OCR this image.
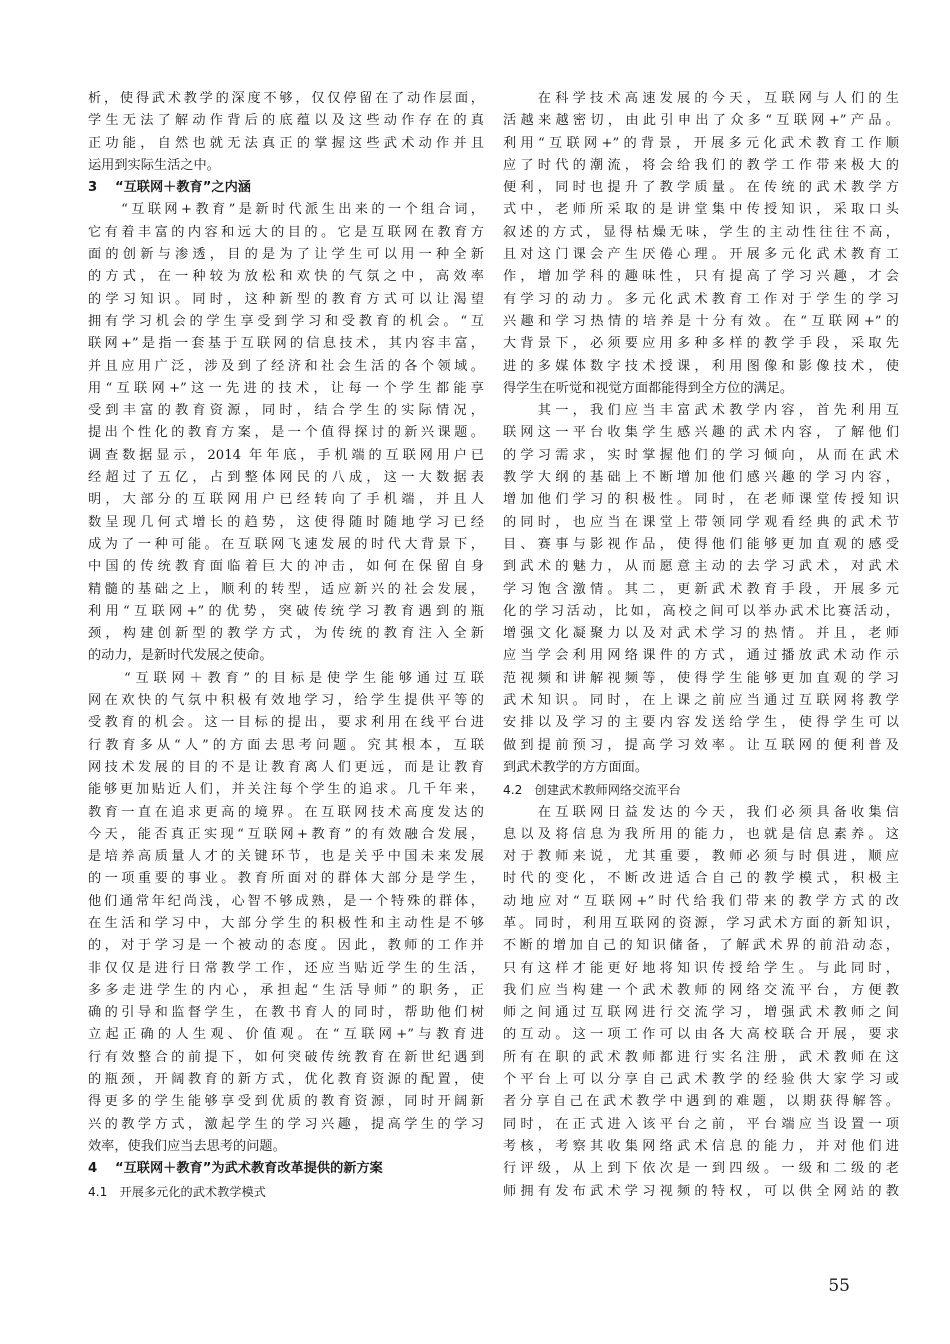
析，使得武术教学的深度不够，仅仅停留在了动作层面，
学生无法了解动作背后的底蕴以及这些动作存在的真
正功能，自然也就无法真正的掌握这些武术动作并且
运用到实际生活之中。
3　 “互联网＋教育”之内涵
　　“互联网+教育”是新时代派生出来的一个组合词，
它有着丰富的内容和远大的目的。它是互联网在教育方
面的创新与渗透，目的是为了让学生可以用一种全新
的方式，在一种较为放松和欢快的气氛之中，高效率
的学习知识。同时，这种新型的教育方式可以让渴望
拥有学习机会的学生享受到学习和受教育的机会。“互
联网+”是指一套基于互联网的信息技术，其内容丰富，
并且应用广泛，涉及到了经济和社会生活的各个领域。
用“互联网+”这一先进的技术，让每一个学生都能享
受到丰富的教育资源，同时，结合学生的实际情况，
提出个性化的教育方案，是一个值得探讨的新兴课题。
调查数据显示，2014 年年底，手机端的互联网用户已
经超过了五亿，占到整体网民的八成，这一大数据表
明，大部分的互联网用户已经转向了手机端，并且人
数呈现几何式增长的趋势，这使得随时随地学习已经
成为了一种可能。在互联网飞速发展的时代大背景下，
中国的传统教育面临着巨大的冲击，如何在保留自身
精髓的基础之上，顺利的转型，适应新兴的社会发展，
利用“互联网+”的优势，突破传统学习教育遇到的瓶
颈，构建创新型的教学方式，为传统的教育注入全新
的动力，是新时代发展之使命。
　　“互联网＋教育”的目标是使学生能够通过互联
网在欢快的气氛中积极有效地学习，给学生提供平等的
受教育的机会。这一目标的提出，要求利用在线平台进
行教育多从“人”的方面去思考问题。究其根本，互联
网技术发展的目的不是让教育离人们更远，而是让教育
能够更加贴近人们，并关注每个学生的追求。几千年来，
教育一直在追求更高的境界。在互联网技术高度发达的
今天，能否真正实现“互联网+教育”的有效融合发展，
是培养高质量人才的关键环节，也是关乎中国未来发展
的一项重要的事业。教育所面对的群体大部分是学生，
他们通常年纪尚浅，心智不够成熟，是一个特殊的群体，
在生活和学习中，大部分学生的积极性和主动性是不够
的，对于学习是一个被动的态度。因此，教师的工作并
非仅仅是进行日常教学工作，还应当贴近学生的生活，
多多走进学生的内心，承担起“生活导师”的职务，正
确的引导和监督学生，在教书育人的同时，帮助他们树
立起正确的人生观、价值观。在“互联网+”与教育进
行有效整合的前提下，如何突破传统教育在新世纪遇到
的瓶颈，开阔教育的新方式，优化教育资源的配置，使
得更多的学生能够享受到优质的教育资源，同时开阔新
兴的教学方式，激起学生的学习兴趣，提高学生的学习
效率，使我们应当去思考的问题。
4　 “互联网＋教育”为武术教育改革提供的新方案
4.1　开展多元化的武术教学模式
　　在科学技术高速发展的今天，互联网与人们的生
活越来越密切，由此引申出了众多“互联网+”产品。
利用“互联网+”的背景，开展多元化武术教育工作顺
应了时代的潮流，将会给我们的教学工作带来极大的
便利，同时也提升了教学质量。在传统的武术教学方
式中，老师所采取的是讲堂集中传授知识，采取口头
叙述的方式，显得枯燥无味，学生的主动性往往不高，
且对这门课会产生厌倦心理。开展多元化武术教育工
作，增加学科的趣味性，只有提高了学习兴趣，才会
有学习的动力。多元化武术教育工作对于学生的学习
兴趣和学习热情的培养是十分有效。在“互联网+”的
大背景下，必须要应用多种多样的教学手段，采取先
进的多媒体数字技术授课，利用图像和影像技术，使
得学生在听觉和视觉方面都能得到全方位的满足。
　　其一，我们应当丰富武术教学内容，首先利用互
联网这一平台收集学生感兴趣的武术内容，了解他们
的学习需求，实时掌握他们的学习倾向，从而在武术
教学大纲的基础上不断增加他们感兴趣的学习内容，
增加他们学习的积极性。同时，在老师课堂传授知识
的同时，也应当在课堂上带领同学观看经典的武术节
目、赛事与影视作品，使得他们能够更加直观的感受
到武术的魅力，从而愿意主动的去学习武术，对武术
学习饱含激情。其二，更新武术教育手段，开展多元
化的学习活动，比如，高校之间可以举办武术比赛活动，
增强文化凝聚力以及对武术学习的热情。并且，老师
应当学会利用网络课件的方式，通过播放武术动作示
范视频和讲解视频等，使得学生能够更加直观的学习
武术知识。同时，在上课之前应当通过互联网将教学
安排以及学习的主要内容发送给学生，使得学生可以
做到提前预习，提高学习效率。让互联网的便利普及
到武术教学的方方面面。
4.2　创建武术教师网络交流平台
　　在互联网日益发达的今天，我们必须具备收集信
息以及将信息为我所用的能力，也就是信息素养。这
对于教师来说，尤其重要，教师必须与时俱进，顺应
时代的变化，不断改进适合自己的教学模式，积极主
动地应对“互联网+”时代给我们带来的教学方式的改
革。同时，利用互联网的资源，学习武术方面的新知识，
不断的增加自己的知识储备，了解武术界的前沿动态，
只有这样才能更好地将知识传授给学生。与此同时，
我们应当构建一个武术教师的网络交流平台，方便教
师之间通过互联网进行交流学习，增强武术教师之间
的互动。这一项工作可以由各大高校联合开展，要求
所有在职的武术教师都进行实名注册，武术教师在这
个平台上可以分享自己武术教学的经验供大家学习或
者分享自己在武术教学中遇到的难题，以期获得解答。
同时，在正式进入该平台之前，平台端应当设置一项
考核，考察其收集网络武术信息的能力，并对他们进
行评级，从上到下依次是一到四级。一级和二级的老
师拥有发布武术学习视频的特权，可以供全网站的教
55
